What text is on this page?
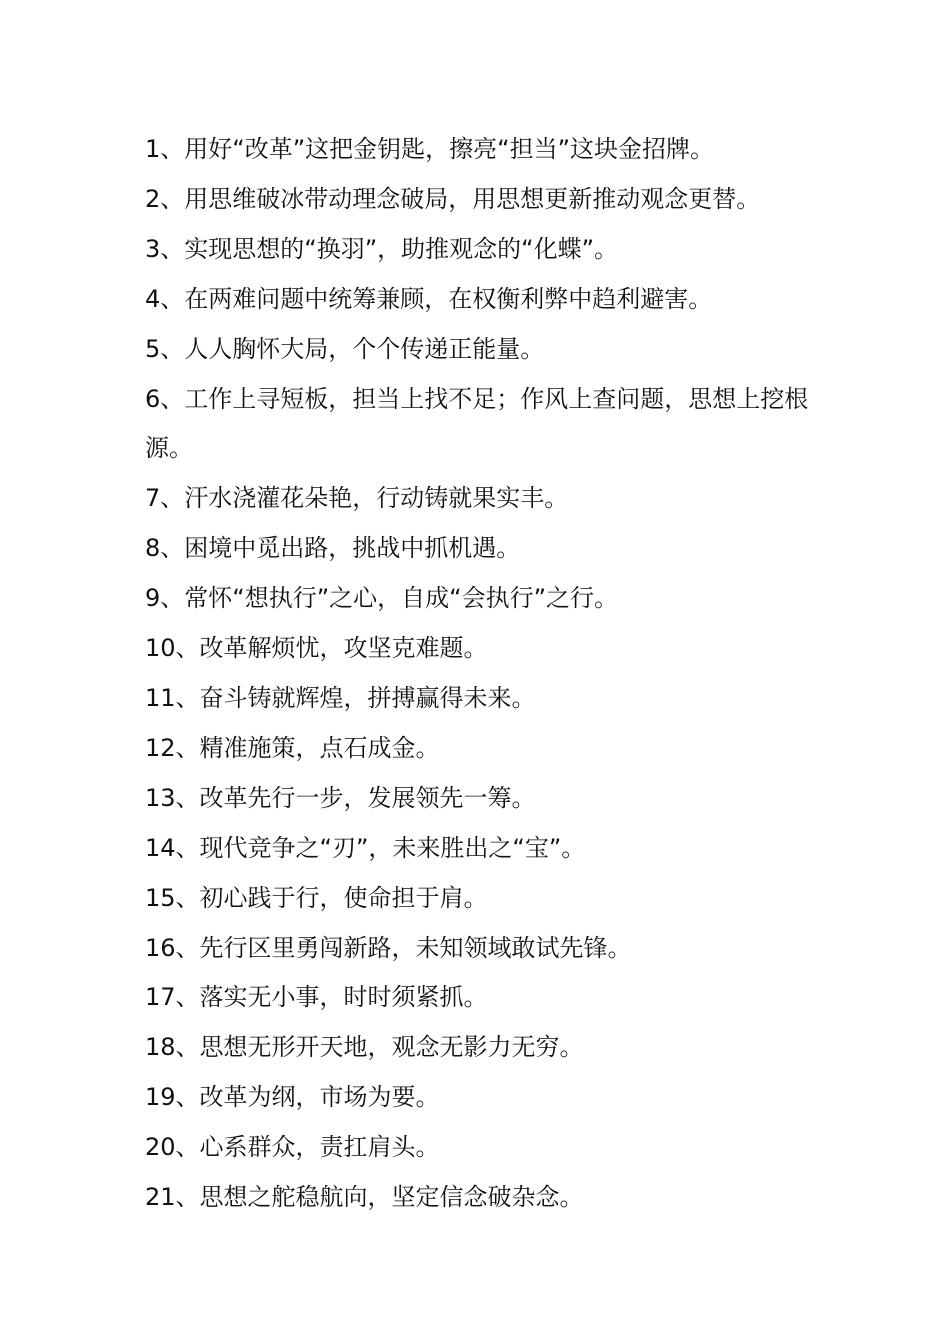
1、用好“改革”这把金钥匙，擦亮“担当”这块金招牌。

2、用思维破冰带动理念破局，用思想更新推动观念更替。

3、实现思想的“换羽”，助推观念的“化蝶”。

4、在两难问题中统筹兼顾，在权衡利弊中趋利避害。

5、人人胸怀大局，个个传递正能量。

6、工作上寻短板，担当上找不足；作风上查问题，思想上挖根源。

7、汗水浇灌花朵艳，行动铸就果实丰。

8、困境中觅出路，挑战中抓机遇。

9、常怀“想执行”之心，自成“会执行”之行。

10、改革解烦忧，攻坚克难题。

11、奋斗铸就辉煌，拼搏赢得未来。

12、精准施策，点石成金。

13、改革先行一步，发展领先一筹。

14、现代竞争之“刃”，未来胜出之“宝”。

15、初心践于行，使命担于肩。

16、先行区里勇闯新路，未知领域敢试先锋。

17、落实无小事，时时须紧抓。

18、思想无形开天地，观念无影力无穷。

19、改革为纲，市场为要。

20、心系群众，责扛肩头。

21、思想之舵稳航向，坚定信念破杂念。
